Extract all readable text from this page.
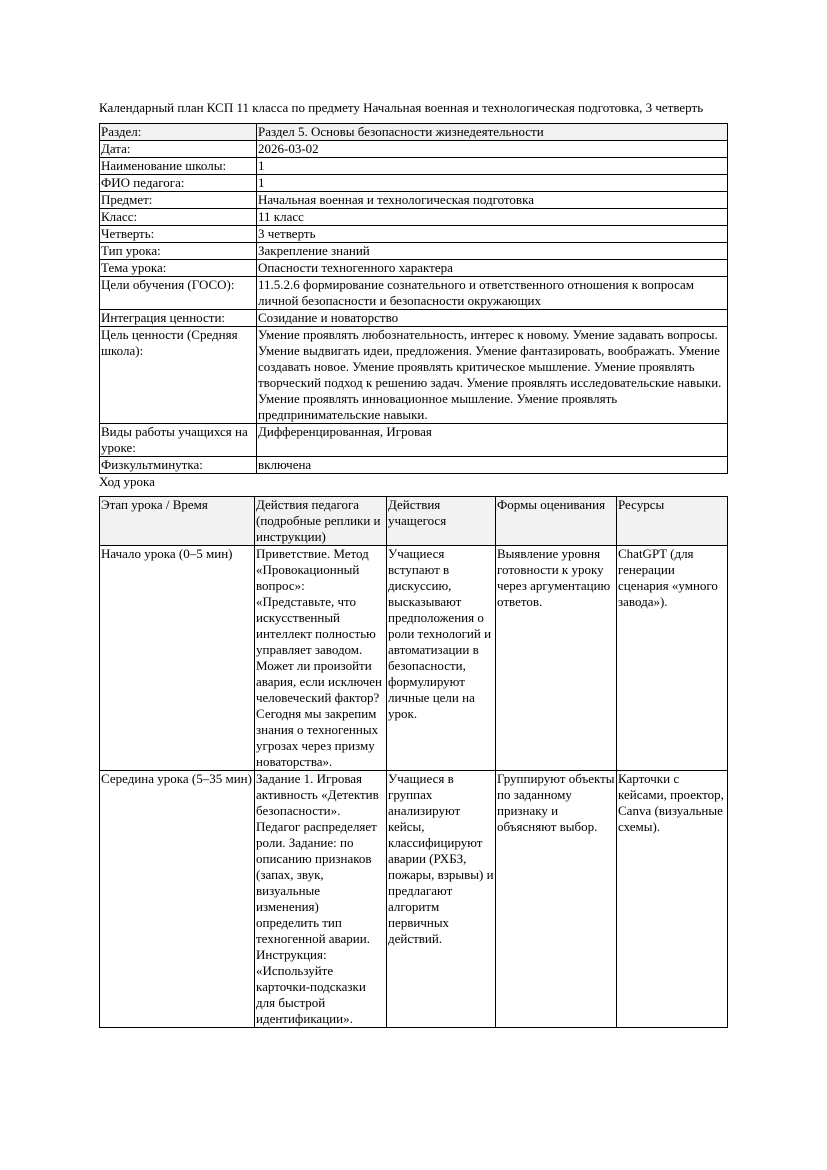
Календарный план КСП 11 класса по предмету Начальная военная и технологическая подготовка, 3 четверть
Раздел:	Раздел 5. Основы безопасности жизнедеятельности
Дата:	2026-03-02
Наименование школы:	1
ФИО педагога:	1
Предмет:	Начальная военная и технологическая подготовка
Класс:	11 класс
Четверть:	3 четверть
Тип урока:	Закрепление знаний
Тема урока:	Опасности техногенного характера
Цели обучения (ГОСО):	11.5.2.6 формирование сознательного и ответственного отношения к вопросам личной безопасности и безопасности окружающих
Интеграция ценности:	Созидание и новаторство
Цель ценности (Средняя школа):	Умение проявлять любознательность, интерес к новому. Умение задавать вопросы. Умение выдвигать идеи, предложения. Умение фантазировать, воображать. Умение создавать новое. Умение проявлять критическое мышление. Умение проявлять творческий подход к решению задач. Умение проявлять исследовательские навыки. Умение проявлять инновационное мышление. Умение проявлять предпринимательские навыки.
Виды работы учащихся на уроке:	Дифференцированная, Игровая
Физкультминутка:	включена
Ход урока
Этап урока / Время	Действия педагога (подробные реплики и инструкции)	Действия учащегося	Формы оценивания	Ресурсы
Начало урока (0–5 мин)	Приветствие. Метод «Провокационный вопрос»: «Представьте, что искусственный интеллект полностью управляет заводом. Может ли произойти авария, если исключен человеческий фактор? Сегодня мы закрепим знания о техногенных угрозах через призму новаторства».	Учащиеся вступают в дискуссию, высказывают предположения о роли технологий и автоматизации в безопасности, формулируют личные цели на урок.	Выявление уровня готовности к уроку через аргументацию ответов.	ChatGPT (для генерации сценария «умного завода»).
Середина урока (5–35 мин)	Задание 1. Игровая активность «Детектив безопасности». Педагог распределяет роли. Задание: по описанию признаков (запах, звук, визуальные изменения) определить тип техногенной аварии. Инструкция: «Используйте карточки-подсказки для быстрой идентификации».	Учащиеся в группах анализируют кейсы, классифицируют аварии (РХБЗ, пожары, взрывы) и предлагают алгоритм первичных действий.	Группируют объекты по заданному признаку и объясняют выбор.	Карточки с кейсами, проектор, Canva (визуальные схемы).
